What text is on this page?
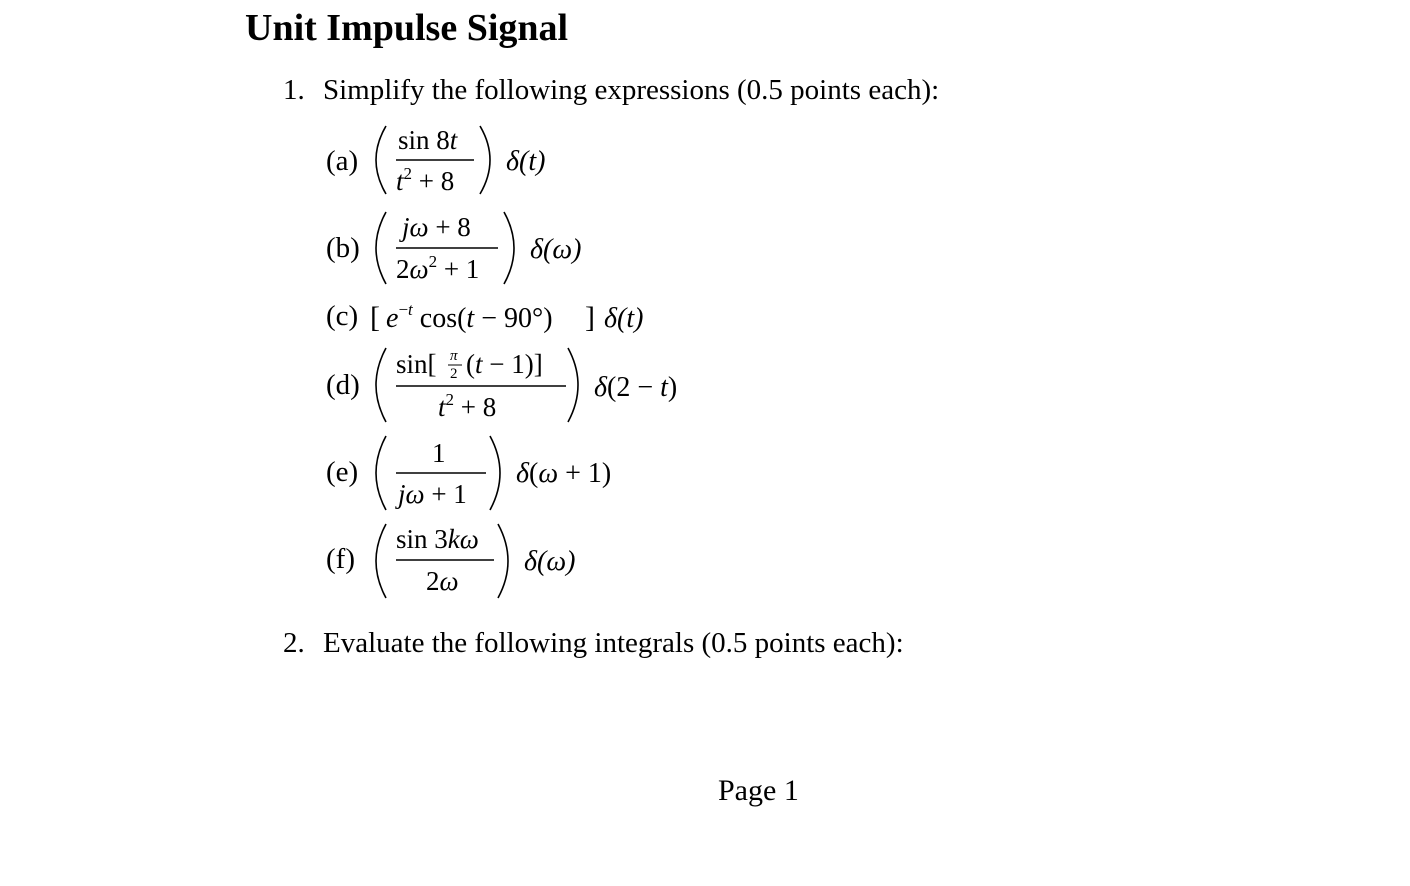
Unit Impulse Signal
1. Simplify the following expressions (0.5 points each):
(a)
sin 8t
$t^2 + 8$
δ(t)
(b)
jω + 8
$2\omega^2 + 1$
δ(ω)
(c) [ e−t cos(t − 90°) ] δ(t)
(d)
sin[ π
2 (t − 1)]
$t^2 + 8$
δ(2 − t)
(e)
1
jω + 1
δ(ω + 1)
(f)
sin 3kω
2ω
δ(ω)
2. Evaluate the following integrals (0.5 points each):
Page 1
